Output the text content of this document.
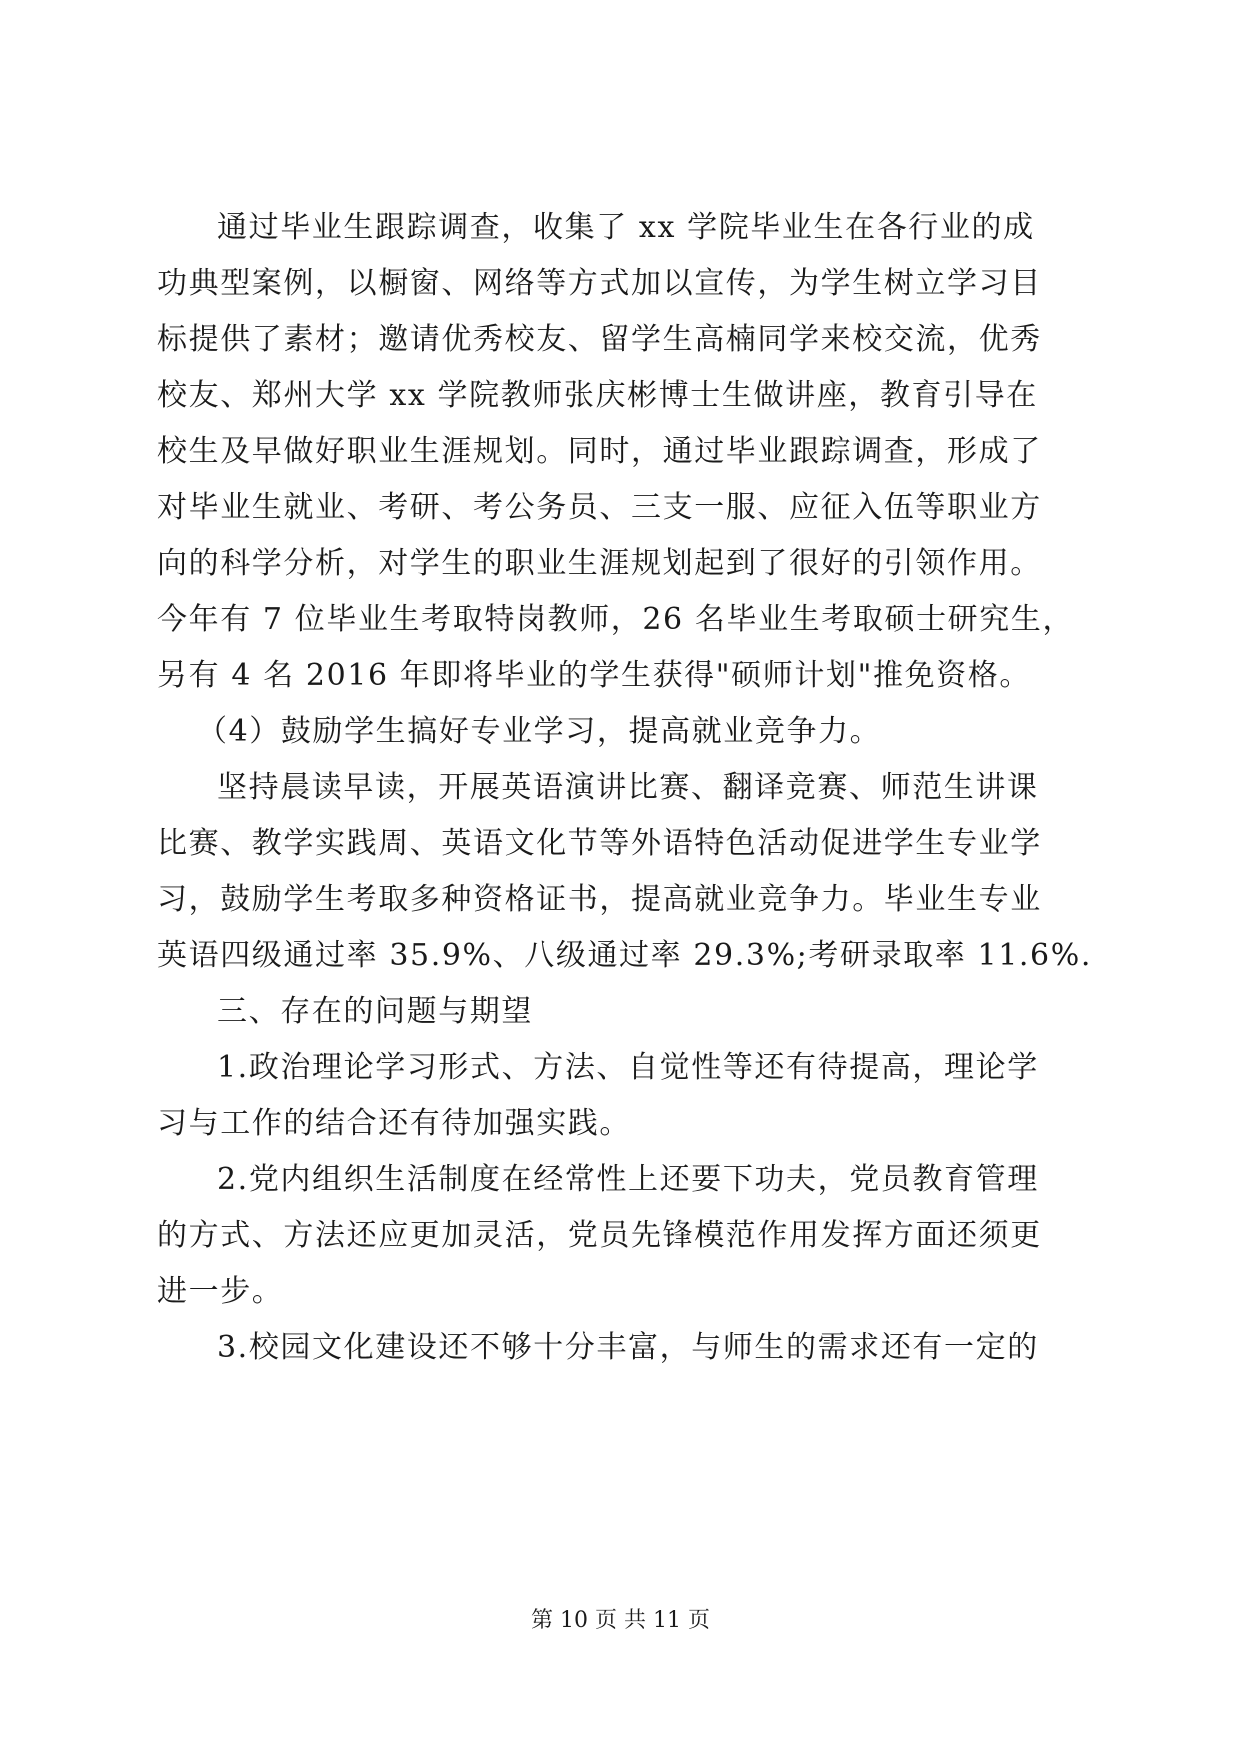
通过毕业生跟踪调查，收集了 xx 学院毕业生在各行业的成
功典型案例，以橱窗、网络等方式加以宣传，为学生树立学习目
标提供了素材；邀请优秀校友、留学生高楠同学来校交流，优秀
校友、郑州大学 xx 学院教师张庆彬博士生做讲座，教育引导在
校生及早做好职业生涯规划。同时，通过毕业跟踪调查，形成了
对毕业生就业、考研、考公务员、三支一服、应征入伍等职业方
向的科学分析，对学生的职业生涯规划起到了很好的引领作用。
今年有 7 位毕业生考取特岗教师，26 名毕业生考取硕士研究生，
另有 4 名 2016 年即将毕业的学生获得"硕师计划"推免资格。
（4）鼓励学生搞好专业学习，提高就业竞争力。
坚持晨读早读，开展英语演讲比赛、翻译竞赛、师范生讲课
比赛、教学实践周、英语文化节等外语特色活动促进学生专业学
习，鼓励学生考取多种资格证书，提高就业竞争力。毕业生专业
英语四级通过率 35.9%、八级通过率 29.3%;考研录取率 11.6%.
三、存在的问题与期望
1.政治理论学习形式、方法、自觉性等还有待提高，理论学
习与工作的结合还有待加强实践。
2.党内组织生活制度在经常性上还要下功夫，党员教育管理
的方式、方法还应更加灵活，党员先锋模范作用发挥方面还须更
进一步。
3.校园文化建设还不够十分丰富，与师生的需求还有一定的
第 10 页 共 11 页
